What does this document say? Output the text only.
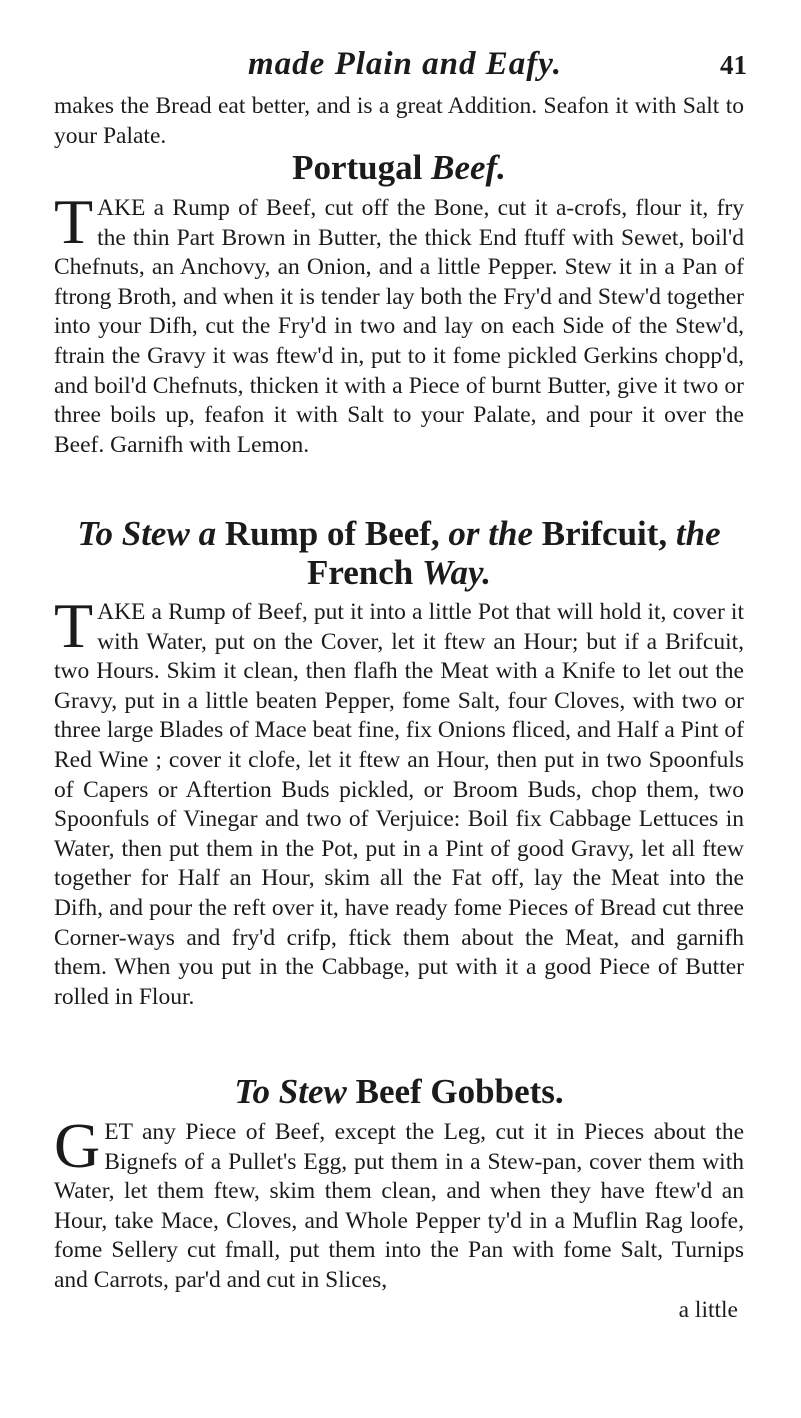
made Plain and Eafy.	41

makes the Bread eat better, and is a great Addition. Seafon it with Salt to your Palate.

Portugal Beef.

TAKE a Rump of Beef, cut off the Bone, cut it a-crofs, flour it, fry the thin Part Brown in Butter, the thick End ftuff with Sewet, boil'd Chefnuts, an Anchovy, an Onion, and a little Pepper. Stew it in a Pan of ftrong Broth, and when it is tender lay both the Fry'd and Stew'd together into your Difh, cut the Fry'd in two and lay on each Side of the Stew'd, ftrain the Gravy it was ftew'd in, put to it fome pickled Gerkins chopp'd, and boil'd Chefnuts, thicken it with a Piece of burnt Butter, give it two or three boils up, feafon it with Salt to your Palate, and pour it over the Beef. Garnifh with Lemon.

To Stew a Rump of Beef, or the Brifcuit, the
French Way.

TAKE a Rump of Beef, put it into a little Pot that will hold it, cover it with Water, put on the Cover, let it ftew an Hour; but if a Brifcuit, two Hours. Skim it clean, then flafh the Meat with a Knife to let out the Gravy, put in a little beaten Pepper, fome Salt, four Cloves, with two or three large Blades of Mace beat fine, fix Onions fliced, and Half a Pint of Red Wine ; cover it clofe, let it ftew an Hour, then put in two Spoonfuls of Capers or Aftertion Buds pickled, or Broom Buds, chop them, two Spoonfuls of Vinegar and two of Verjuice: Boil fix Cabbage Lettuces in Water, then put them in the Pot, put in a Pint of good Gravy, let all ftew together for Half an Hour, skim all the Fat off, lay the Meat into the Difh, and pour the reft over it, have ready fome Pieces of Bread cut three Corner-ways and fry'd crifp, ftick them about the Meat, and garnifh them. When you put in the Cabbage, put with it a good Piece of Butter rolled in Flour.

To Stew Beef Gobbets.

GET any Piece of Beef, except the Leg, cut it in Pieces about the Bignefs of a Pullet's Egg, put them in a Stew-pan, cover them with Water, let them ftew, skim them clean, and when they have ftew'd an Hour, take Mace, Cloves, and Whole Pepper ty'd in a Muflin Rag loofe, fome Sellery cut fmall, put them into the Pan with fome Salt, Turnips and Carrots, par'd and cut in Slices,

a little
